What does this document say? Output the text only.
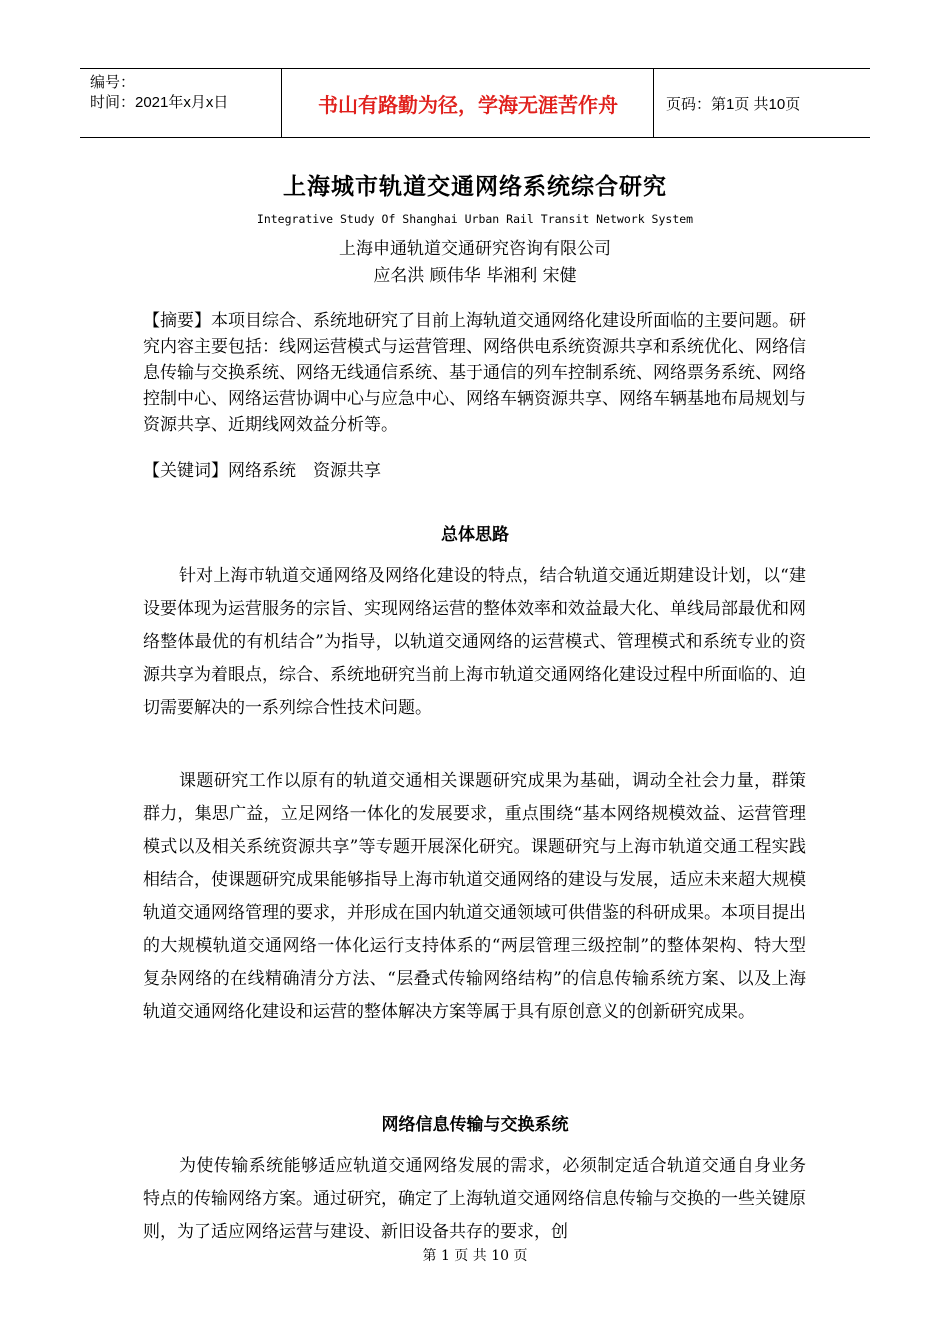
编号：
时间：2021年x月x日	书山有路勤为径，学海无涯苦作舟	页码：第1页 共10页
上海城市轨道交通网络系统综合研究
Integrative Study Of Shanghai Urban Rail Transit Network System
上海申通轨道交通研究咨询有限公司
应名洪 顾伟华 毕湘利 宋健

【摘要】本项目综合、系统地研究了目前上海轨道交通网络化建设所面临的主要问题。研究内容主要包括：线网运营模式与运营管理、网络供电系统资源共享和系统优化、网络信息传输与交换系统、网络无线通信系统、基于通信的列车控制系统、网络票务系统、网络控制中心、网络运营协调中心与应急中心、网络车辆资源共享、网络车辆基地布局规划与资源共享、近期线网效益分析等。

【关键词】网络系统　资源共享

总体思路

针对上海市轨道交通网络及网络化建设的特点，结合轨道交通近期建设计划，以“建设要体现为运营服务的宗旨、实现网络运营的整体效率和效益最大化、单线局部最优和网络整体最优的有机结合”为指导，以轨道交通网络的运营模式、管理模式和系统专业的资源共享为着眼点，综合、系统地研究当前上海市轨道交通网络化建设过程中所面临的、迫切需要解决的一系列综合性技术问题。

课题研究工作以原有的轨道交通相关课题研究成果为基础，调动全社会力量，群策群力，集思广益，立足网络一体化的发展要求，重点围绕“基本网络规模效益、运营管理模式以及相关系统资源共享”等专题开展深化研究。课题研究与上海市轨道交通工程实践相结合，使课题研究成果能够指导上海市轨道交通网络的建设与发展，适应未来超大规模轨道交通网络管理的要求，并形成在国内轨道交通领域可供借鉴的科研成果。本项目提出的大规模轨道交通网络一体化运行支持体系的“两层管理三级控制”的整体架构、特大型复杂网络的在线精确清分方法、“层叠式传输网络结构”的信息传输系统方案、以及上海轨道交通网络化建设和运营的整体解决方案等属于具有原创意义的创新研究成果。

网络信息传输与交换系统

为使传输系统能够适应轨道交通网络发展的需求，必须制定适合轨道交通自身业务特点的传输网络方案。通过研究，确定了上海轨道交通网络信息传输与交换的一些关键原则，为了适应网络运营与建设、新旧设备共存的要求，创

第 1 页 共 10 页
